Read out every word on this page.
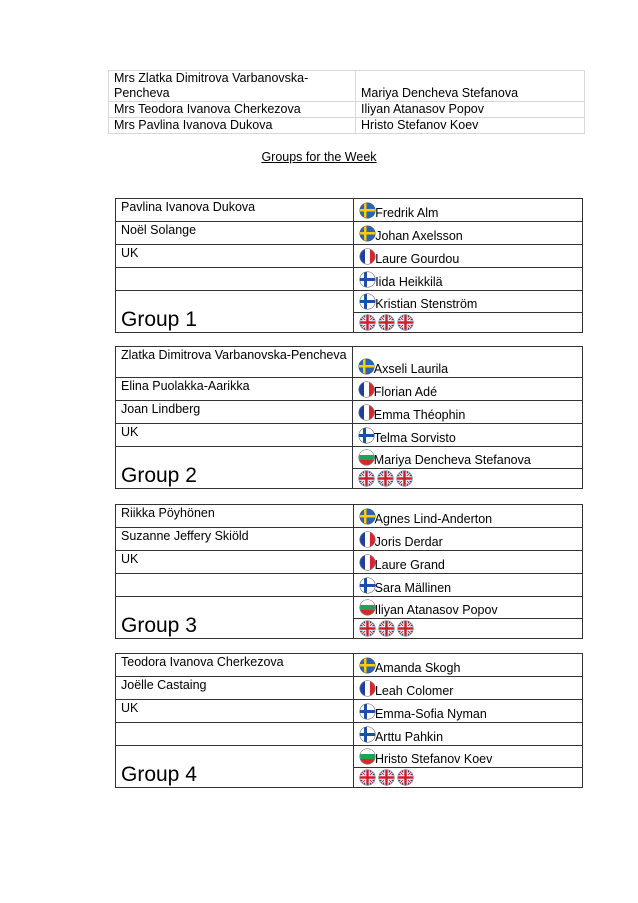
Mrs Zlatka Dimitrova Varbanovska-Pencheva	Mariya Dencheva Stefanova
Mrs Teodora Ivanova Cherkezova	Iliyan Atanasov Popov
Mrs Pavlina Ivanova Dukova	Hristo Stefanov Koev
Groups for the Week
Pavlina Ivanova Dukova	Fredrik Alm

Noël Solange	Johan Axelsson

UK	Laure Gourdou

	Iida Heikkilä

Group 1	Kristian Stenström

Zlatka Dimitrova Varbanovska-Pencheva	Axseli Laurila

Elina Puolakka-Aarikka	Florian Adé

Joan Lindberg	Emma Théophin

UK	Telma Sorvisto

Group 2	Mariya Dencheva Stefanova

Riikka Pöyhönen	Agnes Lind-Anderton

Suzanne Jeffery Skiöld	Joris Derdar

UK	Laure Grand

	Sara Mällinen

Group 3	Iliyan Atanasov Popov

Teodora Ivanova Cherkezova	Amanda Skogh

Joëlle Castaing	Leah Colomer

UK	Emma-Sofia Nyman

	Arttu Pahkin

Group 4	Hristo Stefanov Koev
